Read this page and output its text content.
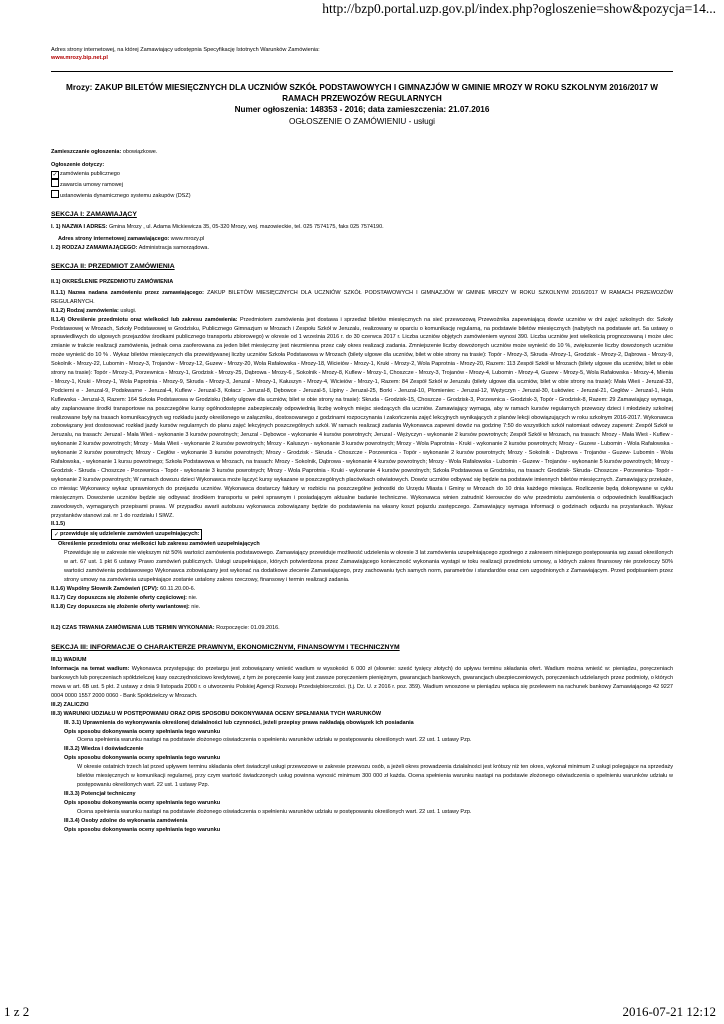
http://bzp0.portal.uzp.gov.pl/index.php?ogloszenie=show&pozycja=14...
Adres strony internetowej, na której Zamawiający udostępnia Specyfikację Istotnych Warunków Zamówienia:
www.mrozy.bip.net.pl
Mrozy: ZAKUP BILETÓW MIESIĘCZNYCH DLA UCZNIÓW SZKÓŁ PODSTAWOWYCH I GIMNAZJÓW W GMINIE MROZY W ROKU SZKOLNYM 2016/2017 W RAMACH PRZEWOZÓW REGULARNYCH
Numer ogłoszenia: 148353 - 2016; data zamieszczenia: 21.07.2016
OGŁOSZENIE O ZAMÓWIENIU - usługi

Zamieszczanie ogłoszenia: obowiązkowe.

Ogłoszenie dotyczy:

✓ zamówienia publicznego
zawarcia umowy ramowej
ustanowienia dynamicznego systemu zakupów (DSZ)
SEKCJA I: ZAMAWIAJĄCY

I. 1) NAZWA I ADRES: Gmina Mrozy , ul. Adama Mickiewicza 35, 05-320 Mrozy, woj. mazowieckie, tel. 025 7574175, faks 025 7574190.

Adres strony internetowej zamawiającego: www.mrozy.pl

I. 2) RODZAJ ZAMAWIAJĄCEGO: Administracja samorządowa.

SEKCJA II: PRZEDMIOT ZAMÓWIENIA

II.1) OKREŚLENIE PRZEDMIOTU ZAMÓWIENIA

II.1.1) Nazwa nadana zamówieniu przez zamawiającego: ZAKUP BILETÓW MIESIĘCZNYCH DLA UCZNIÓW SZKÓŁ PODSTAWOWYCH I GIMNAZJÓW W GMINIE MROZY W ROKU SZKOLNYM 2016/2017 W RAMACH PRZEWOZÓW REGULARNYCH.

II.1.2) Rodzaj zamówienia: usługi.

II.1.4) Określenie przedmiotu oraz wielkości lub zakresu zamówienia: Przedmiotem zamówienia jest dostawa i sprzedaż biletów miesięcznych na sieć przewozową Przewoźnika zapewniającą dowóz uczniów w dni zajęć szkolnych do: Szkoły Podstawowej w Mrozach, Szkoły Podstawowej w Grodzisku, Publicznego Gimnazjum w Mrozach i Zespołu Szkół w Jeruzalu, realizowany w oparciu o komunikację regularną, na podstawie biletów miesięcznych (nabytych na podstawie art. 5a ustawy o sprawiedliwych do ulgowych przejazdów środkami publicznego transportu zbiorowego) w okresie od 1 września 2016 r. do 30 czerwca 2017 r. Liczba uczniów objętych zamówieniem wynosi 390. Liczba uczniów jest wielkością prognozowaną i może ulec zmianie w trakcie realizacji zamówienia, jednak cena zaoferowana za jeden bilet miesięczny jest niezmienna przez cały okres realizacji zadania. Zmniejszenie liczby dowożonych uczniów może wynieść do 10 %, zwiększenie liczby dowożonych uczniów może wynieść do 10 % . Wykaz biletów miesięcznych dla przewidywanej liczby uczniów Szkoła Podstawowa w Mrozach (bilety ulgowe dla uczniów, bilet w obie strony na trasie): Topór - Mrozy-3, Skruda -Mrozy-1, Grodzisk - Mrozy-2, Dąbrowa - Mrozy-9, Sokolnik - Mrozy-22, Lubomin - Mrozy-3, Trojanów - Mrozy-12, Guzew - Mrozy-20, Wola Rafałowska - Mrozy-18, Wicieiów - Mrozy-1, Kruki - Mrozy-2, Wola Paprotnia - Mrozy-20, Razem: 113 Zespół Szkół w Mrozach (bilety ulgowe dla uczniów, bilet w obie strony na trasie): Topór - Mrozy-3, Porzewnica - Mrozy-1, Grodzisk - Mrozy-25, Dąbrowa - Mrozy-6 , Sokolnik - Mrozy-8, Kuflew - Mrozy-1, Choszcze - Mrozy-3, Trojanów - Mrozy-4, Lubomin - Mrozy-4, Guzew - Mrozy-5, Wola Rafałowska - Mrozy-4, Mienia - Mrozy-1, Kruki - Mrozy-1, Wola Paprotnia - Mrozy-9, Skruda - Mrozy-3, Jeruzal - Mrozy-1, Kałuszyn - Mrozy-4, Wicieiów - Mrozy-1, Razem: 84 Zespół Szkół w Jeruzalu (bilety ulgowe dla uczniów, bilet w obie strony na trasie): Mała Wieś - Jeruzal-33, Podcierni e - Jeruzal-9, Podskwarne - Jeruzal-4, Kuflew - Jeruzal-3, Kołacz - Jeruzal-8, Dębowce - Jeruzal-5, Lipiny - Jeruzal-25, Borki - Jeruzal-10, Płomieniec - Jeruzal-12, Wężyczyn - Jeruzal-30, Łukówiec - Jeruzal-21, Cegłów - Jeruzal-1, Huta Kuflewska - Jeruzal-3, Razem: 164 Szkoła Podstawowa w Grodzisku (bilety ulgowe dla uczniów, bilet w obie strony na trasie): Skruda - Grodzisk-15, Choszcze - Grodzisk-3, Porzewnica - Grodzisk-3, Topór - Grodzisk-8, Razem: 29 Zamawiający wymaga, aby zaplanowane środki transportowe na poszczególne kursy ogólnodostępne zabezpieczały odpowiednią liczbę wolnych miejsc siedzących dla uczniów. Zamawiający wymaga, aby w ramach kursów regularnych przewozy dzieci i młodzieży szkolnej realizowane były na trasach komunikacyjnych wg rozkładu jazdy określonego w załączniku, dostosowanego z godzinami rozpoczynania i zakończenia zajęć lekcyjnych wynikających z planów lekcji obowiązujących w roku szkolnym 2016-2017. Wykonawca zobowiązany jest dostosować rozkład jazdy kursów regularnych do planu zajęć lekcyjnych poszczególnych szkół. W ramach realizacji zadania Wykonawca zapewni dowóz na godzinę 7:50 do wszystkich szkół natomiast odwozy zapewni: Zespół Szkół w Jeruzalu, na trasach: Jeruzal - Mała Wieś - wykonanie 3 kursów powrotnych; Jeruzal - Dębowce - wykonanie 4 kursów powrotnych; Jeruzal - Wężyczyn - wykonanie 2 kursów powrotnych; Zespół Szkół w Mrozach, na trasach: Mrozy - Mała Wieś - Kuflew - wykonanie 2 kursów powrotnych; Mrozy - Mała Wieś - wykonanie 2 kursów powrotnych; Mrozy - Kałuszyn - wykonanie 3 kursów powrotnych; Mrozy - Wola Paprotnia - Kruki - wykonanie 2 kursów powrotnych; Mrozy - Guzew - Lubomin - Wola Rafałowska - wykonanie 2 kursów powrotnych; Mrozy - Cegłów - wykonanie 3 kursów powrotnych; Mrozy - Grodzisk - Skruda - Choszcze - Porzewnica - Topór - wykonanie 2 kursów powrotnych; Mrozy - Sokolnik - Dąbrowa - Trojanów - Guzew- Lubomin - Wola Rafałowska, - wykonanie 1 kursu powrotnego; Szkoła Podstawowa w Mrozach, na trasach: Mrozy - Sokolnik, Dąbrowa - wykonanie 4 kursów powrotnych; Mrozy - Wola Rafałowska - Lubomin - Guzew - Trojanów - wykonanie 5 kursów powrotnych; Mrozy - Grodzisk - Skruda - Choszcze - Porzewnica - Topór - wykonanie 3 kursów powrotnych; Mrozy - Wola Paprotnia - Kruki - wykonanie 4 kursów powrotnych; Szkoła Podstawowa w Grodzisku, na trasach: Grodzisk- Skruda- Choszcze - Porzewnica- Topór - wykonanie 2 kursów powrotnych; W ramach dowozu dzieci Wykonawca może łączyć kursy wykazane w poszczególnych placówkach oświatowych. Dowóz uczniów odbywać się będzie na podstawie imiennych biletów miesięcznych. Zamawiający przekaże, co miesiąc Wykonawcy wykaz uprawnionych do przejazdu uczniów. Wykonawca dostarczy faktury w rozbiciu na poszczególne jednostki do Urzędu Miasta i Gminy w Mrozach do 10 dnia każdego miesiąca. Rozliczenie będą dokonywane w cyklu miesięcznym. Dowożenie uczniów będzie się odbywać środkiem transportu w pełni sprawnym i posiadającym aktualne badanie techniczne. Wykonawca winien zatrudnić kierowców do w/w przedmiotu zamówienia o odpowiednich kwalifikacjach zawodowych, wymaganych przepisami prawa. W przypadku awarii autobusu wykonawca zobowiązany będzie do podstawienia na własny koszt pojazdu zastępczego. Zamawiający wymaga informacji o godzinach odjazdu na przystankach. Wykaz przystanków stanowi zał. nr 1 do rozdziału I SIWZ.

II.1.5)

✓przewiduje się udzielenie zamówień uzupełniających:

Określenie przedmiotu oraz wielkości lub zakresu zamówień uzupełniających

Przewiduje się w zakresie nie większym niż 50% wartości zamówienia podstawowego. Zamawiający przewiduje możliwość udzielenia w okresie 3 lat zamówienia uzupełniającego zgodnego z zakresem niniejszego postępowania wg zasad określonych w art. 67 ust. 1 pkt 6 ustawy Prawo zamówień publicznych. Usługi uzupełniające, których potwierdzona przez Zamawiającego konieczność wykonania wystąpi w toku realizacji przedmiotu umowy, a których zakres finansowy nie przekroczy 50% wartości zamówienia podstawowego Wykonawca zobowiązany jest wykonać na dodatkowe zlecenie Zamawiającego, przy zachowaniu tych samych norm, parametrów i standardów oraz cen uzgodnionych z Zamawiającym. Przed podpisaniem przez strony umowy na zamówienia uzupełniające zostanie ustalony zakres rzeczowy, finansowy i termin realizacji zadania.

II.1.6) Wspólny Słownik Zamówień (CPV): 60.11.20.00-6.

II.1.7) Czy dopuszcza się złożenie oferty częściowej: nie.

II.1.8) Czy dopuszcza się złożenie oferty wariantowej: nie.

II.2) CZAS TRWANIA ZAMÓWIENIA LUB TERMIN WYKONANIA: Rozpoczęcie: 01.09.2016.

SEKCJA III: INFORMACJE O CHARAKTERZE PRAWNYM, EKONOMICZNYM, FINANSOWYM I TECHNICZNYM

III.1) WADIUM

Informacja na temat wadium: Wykonawca przystępując do przetargu jest zobowiązany wnieść wadium w wysokości 6 000 zł (słownie: sześć tysięcy złotych) do upływu terminu składania ofert. Wadium można wnieść w: pieniądzu, poręczeniach bankowych lub poręczeniach spółdzielczej kasy oszczędnościowo kredytowej, z tym że poręczenie kasy jest zawsze poręczeniem pieniężnym, gwarancjach bankowych, gwarancjach ubezpieczeniowych, poręczeniach udzielanych przez podmioty, o których mowa w art. 6B ust. 5 pkt. 2 ustawy z dnia 9 listopada 2000 r. o utworzeniu Polskiej Agencji Rozwoju Przedsiębiorczości. (t.j. Dz. U. z 2016 r. poz. 359). Wadium wnoszone w pieniądzu wpłaca się przelewem na rachunek bankowy Zamawiającego 42 9227 0004 0000 1557 2000 0060 - Bank Spółdzielczy w Mrozach.

III.2) ZALICZKI

III.3) WARUNKI UDZIAŁU W POSTĘPOWANIU ORAZ OPIS SPOSOBU DOKONYWANIA OCENY SPEŁNIANIA TYCH WARUNKÓW

III. 3.1) Uprawnienia do wykonywania określonej działalności lub czynności, jeżeli przepisy prawa nakładają obowiązek ich posiadania

Opis sposobu dokonywania oceny spełniania tego warunku

Ocena spełnienia warunku nastąpi na podstawie złożonego oświadczenia o spełnieniu warunków udziału w postępowaniu określonych wart. 22 ust. 1 ustawy Pzp.

III.3.2) Wiedza i doświadczenie

Opis sposobu dokonywania oceny spełniania tego warunku

W okresie ostatnich trzech lat przed upływem terminu składania ofert świadczył usługi przewozowe w zakresie przewozu osób, a jeżeli okres prowadzenia działalności jest krótszy niż ten okres, wykonał minimum 2 usługi polegające na sprzedaży biletów miesięcznych w komunikacji regularnej, przy czym wartość świadczonych usług powinna wynosić minimum 300 000 zł każda. Ocena spełnienia warunku nastąpi na podstawie złożonego oświadczenia o spełnieniu warunków udziału w postępowaniu określonych wart. 22 ust. 1 ustawy Pzp.

III.3.3) Potencjał techniczny

Opis sposobu dokonywania oceny spełniania tego warunku

Ocena spełnienia warunku nastąpi na podstawie złożonego oświadczenia o spełnieniu warunków udziału w postępowaniu określonych wart. 22 ust. 1 ustawy Pzp.

III.3.4) Osoby zdolne do wykonania zamówienia

Opis sposobu dokonywania oceny spełniania tego warunku

1 z 2	2016-07-21 12:12
